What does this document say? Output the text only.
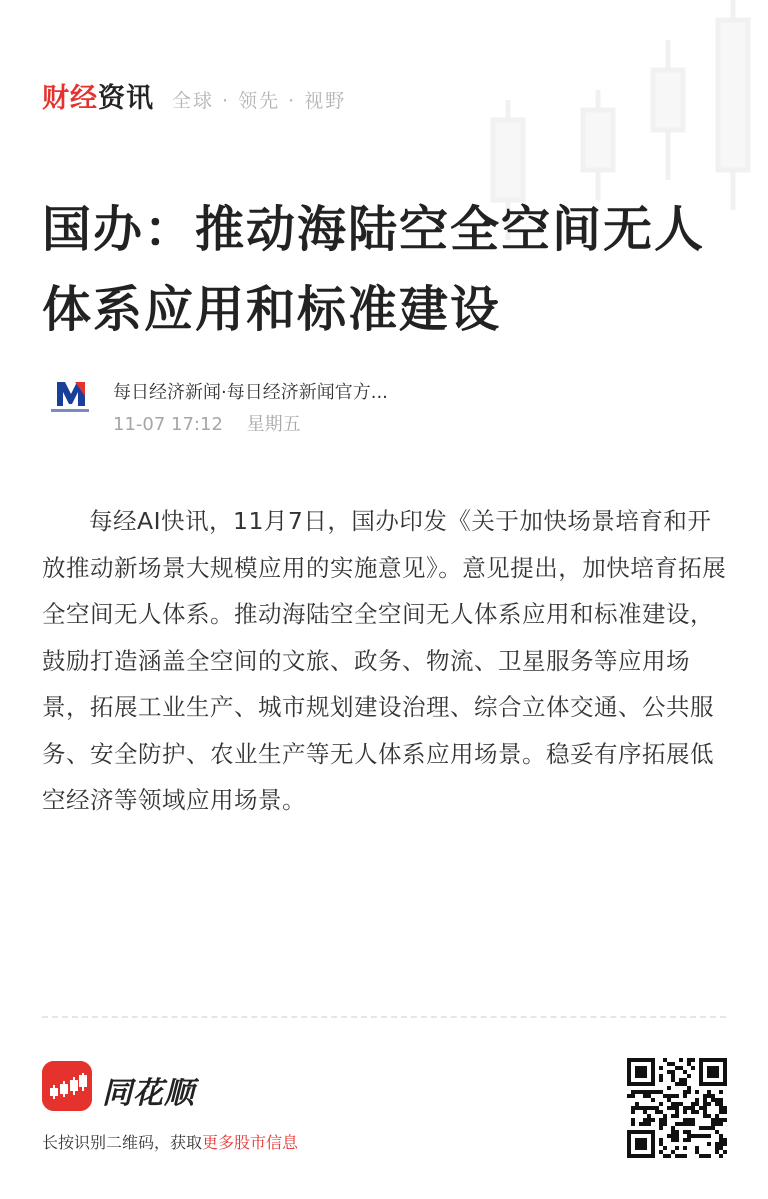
财经资讯 全球 · 领先 · 视野
国办：推动海陆空全空间无人体系应用和标准建设
每日经济新闻·每日经济新闻官方...
11-07 17:12 星期五

每经AI快讯，11月7日，国办印发《关于加快场景培育和开放推动新场景大规模应用的实施意见》。意见提出，加快培育拓展全空间无人体系。推动海陆空全空间无人体系应用和标准建设，鼓励打造涵盖全空间的文旅、政务、物流、卫星服务等应用场景，拓展工业生产、城市规划建设治理、综合立体交通、公共服务、安全防护、农业生产等无人体系应用场景。稳妥有序拓展低空经济等领域应用场景。

同花顺
长按识别二维码，获取更多股市信息
